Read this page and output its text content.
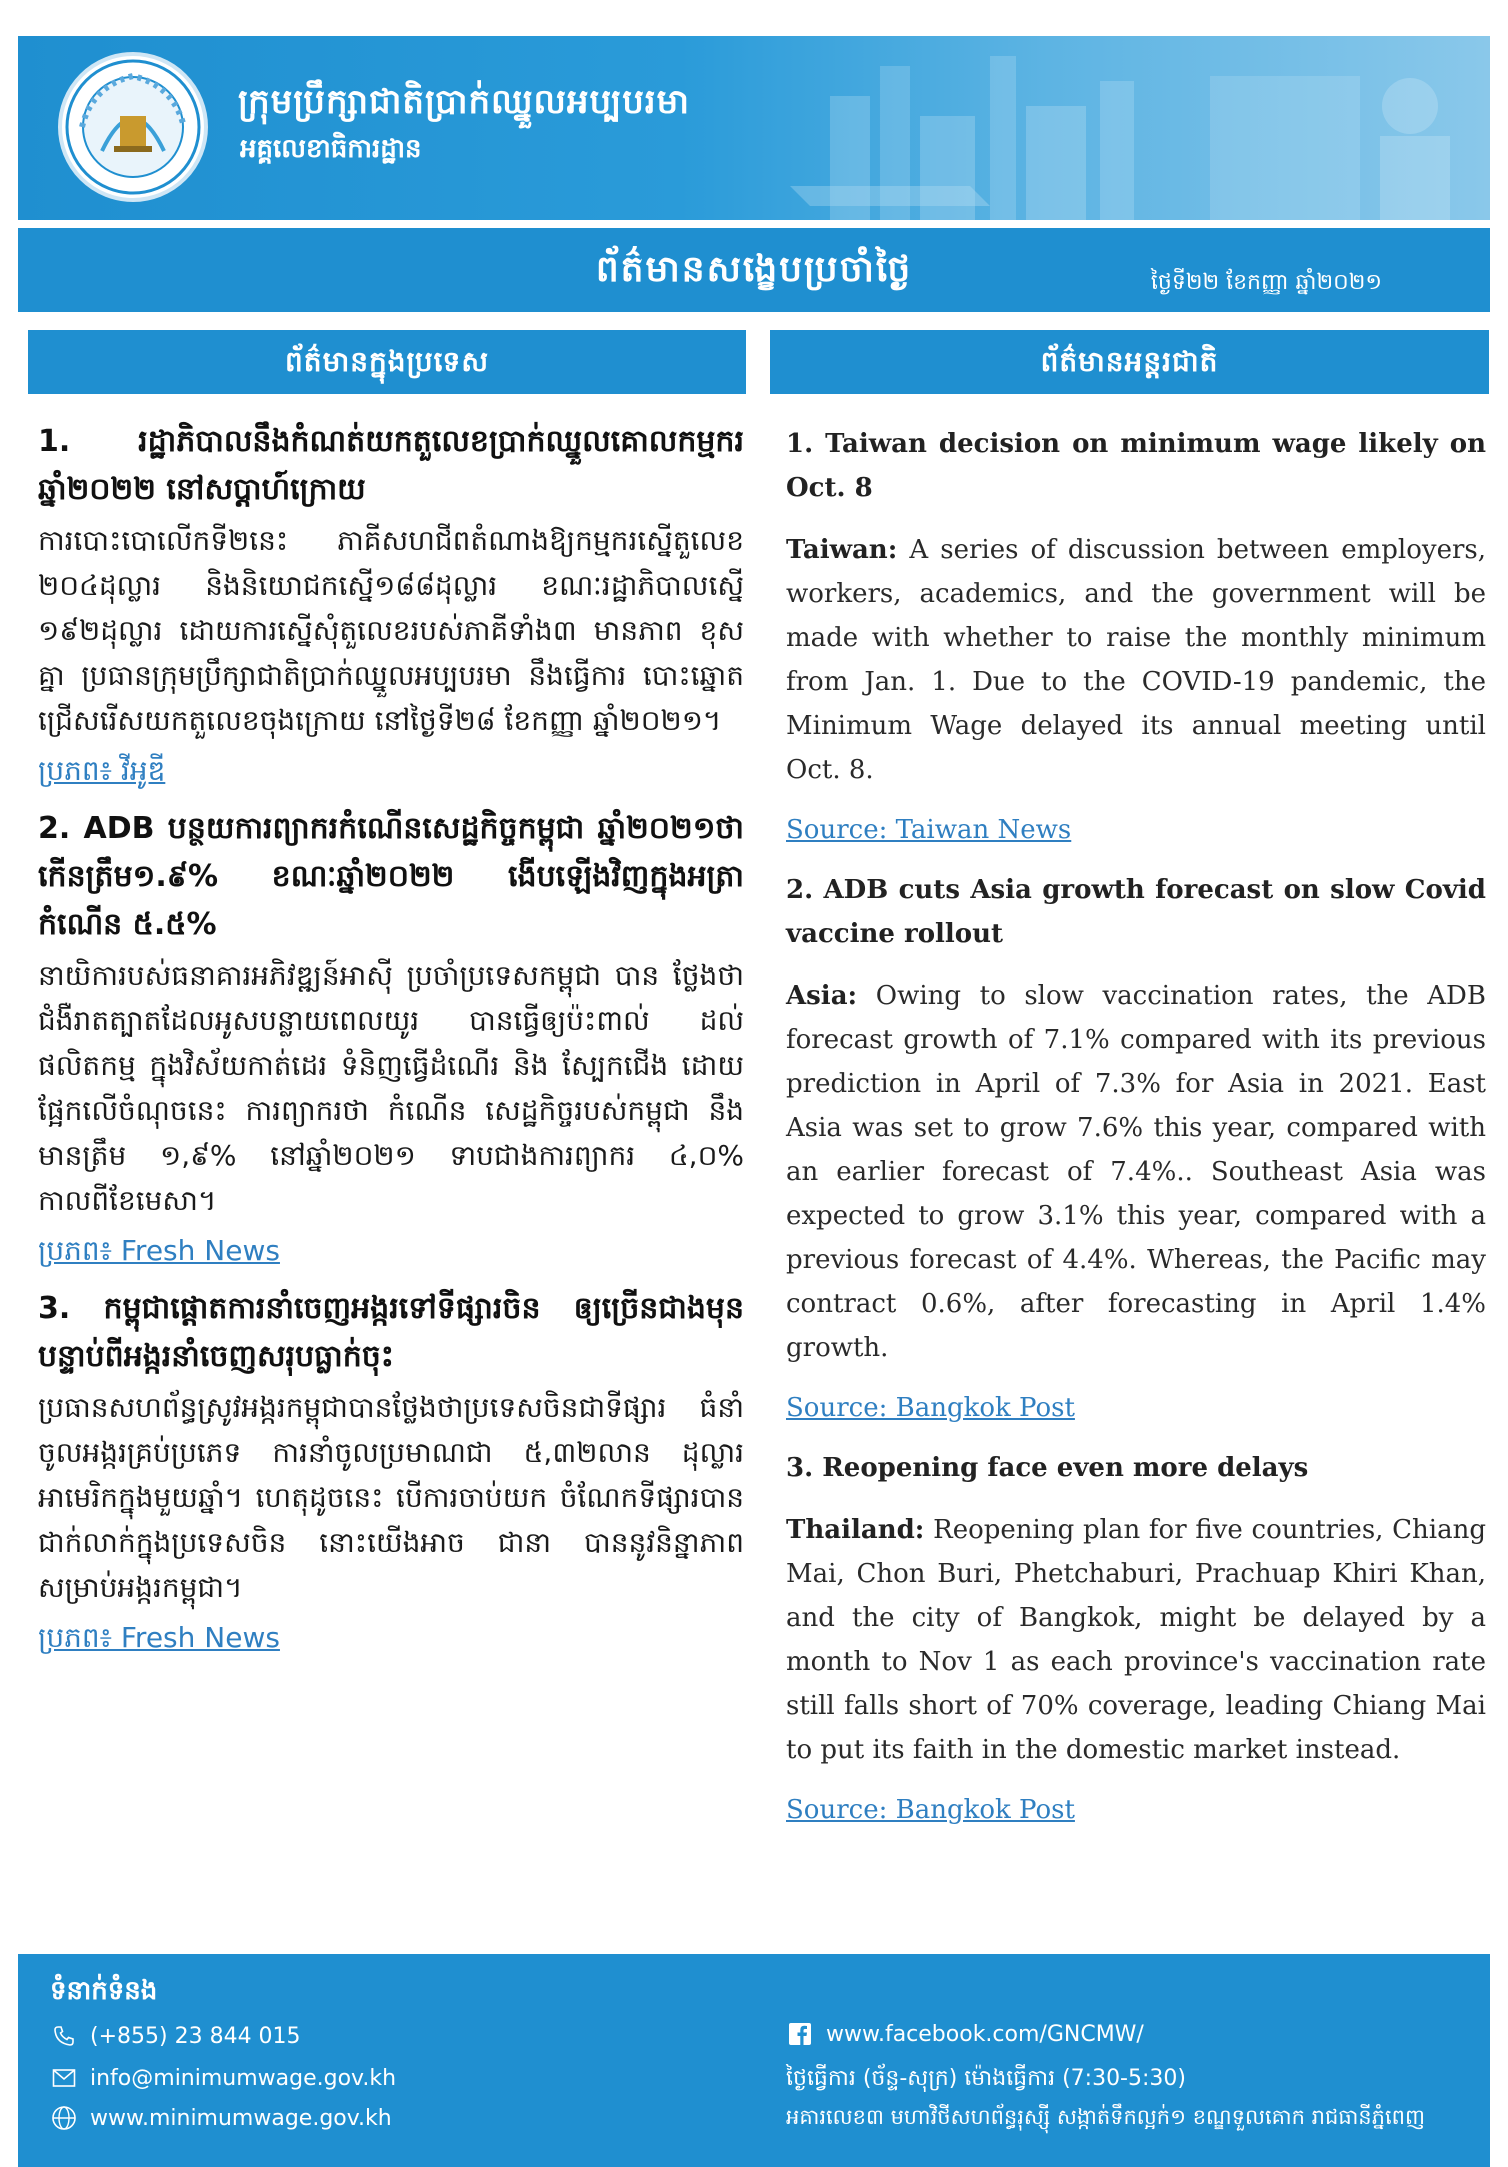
ក្រុមប្រឹក្សាជាតិប្រាក់ឈ្នួលអប្បបរមា
អគ្គលេខាធិការដ្ឋាន
ព័ត៌មានសង្ខេបប្រចាំថ្ងៃ	ថ្ងៃទី២២ ខែកញ្ញា ឆ្នាំ២០២១
ព័ត៌មានក្នុងប្រទេស	ព័ត៌មានអន្តរជាតិ
1. រដ្ឋាភិបាលនឹងកំណត់យកតួលេខប្រាក់ឈ្នួលគោលកម្មករ ឆ្នាំ២០២២ នៅសប្តាហ៍ក្រោយ
ការបោះបោលើកទី២នេះ ភាគីសហជីពតំណាងឱ្យកម្មករស្នើតួលេខ ២០៤ដុល្លារ និងនិយោជកស្នើ១៨៨ដុល្លារ ខណៈរដ្ឋាភិបាលស្នើ ១៩២ដុល្លារ ដោយការស្នើសុំតួលេខរបស់ភាគីទាំង៣ មានភាព ខុសគ្នា ប្រធានក្រុមប្រឹក្សាជាតិប្រាក់ឈ្នួលអប្បបរមា នឹងធ្វើការ បោះឆ្នោតជ្រើសរើសយកតួលេខចុងក្រោយ នៅថ្ងៃទី២៨ ខែកញ្ញា ឆ្នាំ២០២១។
ប្រភព៖ វីអូឌី
2. ADB បន្ថយការព្យាករកំណើនសេដ្ឋកិច្ចកម្ពុជា ឆ្នាំ២០២១ថា កើនត្រឹម១.៩% ខណៈឆ្នាំ២០២២ ងើបឡើងវិញក្នុងអត្រា កំណើន ៥.៥%
នាយិការបស់ធនាគារអភិវឌ្ឍន៍អាស៊ី ប្រចាំប្រទេសកម្ពុជា បាន ថ្លែងថា ជំងឺរាតត្បាតដែលអូសបន្លាយពេលយូរ បានធ្វើឲ្យប៉ះពាល់ ដល់ផលិតកម្ម ក្នុងវិស័យកាត់ដេរ ទំនិញធ្វើដំណើរ និង ស្បែកជើង ដោយផ្អែកលើចំណុចនេះ ការព្យាករថា កំណើន សេដ្ឋកិច្ចរបស់កម្ពុជា នឹងមានត្រឹម ១,៩% នៅឆ្នាំ២០២១ ទាបជាងការព្យាករ ៤,០% កាលពីខែមេសា។
ប្រភព៖ Fresh News
3. កម្ពុជាផ្តោតការនាំចេញអង្ករទៅទីផ្សារចិន ឲ្យច្រើនជាងមុន បន្ទាប់ពីអង្ករនាំចេញសរុបធ្លាក់ចុះ
ប្រធានសហព័ន្ធស្រូវអង្ករកម្ពុជាបានថ្លែងថាប្រទេសចិនជាទីផ្សារ ធំនាំចូលអង្ករគ្រប់ប្រភេទ ការនាំចូលប្រមាណជា ៥,៣២លាន ដុល្លារអាមេរិកក្នុងមួយឆ្នាំ។ ហេតុដូចនេះ បើការចាប់យក ចំណែកទីផ្សារបានជាក់លាក់ក្នុងប្រទេសចិន នោះយើងអាច ជានា បាននូវនិន្នាភាពសម្រាប់អង្ករកម្ពុជា។
ប្រភព៖ Fresh News
1. Taiwan decision on minimum wage likely on Oct. 8
Taiwan: A series of discussion between employers, workers, academics, and the government will be made with whether to raise the monthly minimum from Jan. 1. Due to the COVID-19 pandemic, the Minimum Wage delayed its annual meeting until Oct. 8.
Source: Taiwan News
2. ADB cuts Asia growth forecast on slow Covid vaccine rollout
Asia: Owing to slow vaccination rates, the ADB forecast growth of 7.1% compared with its previous prediction in April of 7.3% for Asia in 2021. East Asia was set to grow 7.6% this year, compared with an earlier forecast of 7.4%.. Southeast Asia was expected to grow 3.1% this year, compared with a previous forecast of 4.4%. Whereas, the Pacific may contract 0.6%, after forecasting in April 1.4% growth.
Source: Bangkok Post
3. Reopening face even more delays
Thailand: Reopening plan for five countries, Chiang Mai, Chon Buri, Phetchaburi, Prachuap Khiri Khan, and the city of Bangkok, might be delayed by a month to Nov 1 as each province's vaccination rate still falls short of 70% coverage, leading Chiang Mai to put its faith in the domestic market instead.
Source: Bangkok Post
ទំនាក់ទំនង
(+855) 23 844 015
info@minimumwage.gov.kh
www.minimumwage.gov.kh
www.facebook.com/GNCMW/
ថ្ងៃធ្វើការ (ច័ន្ទ-សុក្រ) ម៉ោងធ្វើការ (7:30-5:30)
អគារលេខ៣ មហាវិថីសហព័ន្ធរុស្ស៊ី សង្កាត់ទឹកល្អក់១ ខណ្ឌទួលគោក រាជធានីភ្នំពេញ
